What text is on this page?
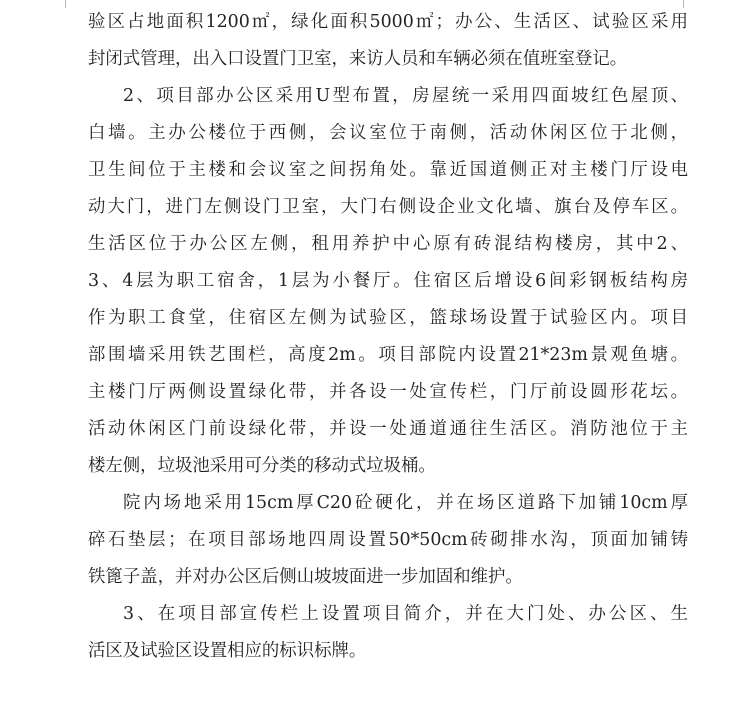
验区占地面积1200㎡，绿化面积5000㎡；办公、生活区、试验区采用
封闭式管理，出入口设置门卫室，来访人员和车辆必须在值班室登记。
2、项目部办公区采用U型布置，房屋统一采用四面坡红色屋顶、
白墙。主办公楼位于西侧，会议室位于南侧，活动休闲区位于北侧，
卫生间位于主楼和会议室之间拐角处。靠近国道侧正对主楼门厅设电
动大门，进门左侧设门卫室，大门右侧设企业文化墙、旗台及停车区。
生活区位于办公区左侧，租用养护中心原有砖混结构楼房，其中2、
3、4层为职工宿舍，1层为小餐厅。住宿区后增设6间彩钢板结构房
作为职工食堂，住宿区左侧为试验区，篮球场设置于试验区内。项目
部围墙采用铁艺围栏，高度2m。项目部院内设置21*23m景观鱼塘。
主楼门厅两侧设置绿化带，并各设一处宣传栏，门厅前设圆形花坛。
活动休闲区门前设绿化带，并设一处通道通往生活区。消防池位于主
楼左侧，垃圾池采用可分类的移动式垃圾桶。
院内场地采用15cm厚C20砼硬化，并在场区道路下加铺10cm厚
碎石垫层；在项目部场地四周设置50*50cm砖砌排水沟，顶面加铺铸
铁篦子盖，并对办公区后侧山坡坡面进一步加固和维护。
3、在项目部宣传栏上设置项目简介，并在大门处、办公区、生
活区及试验区设置相应的标识标牌。
